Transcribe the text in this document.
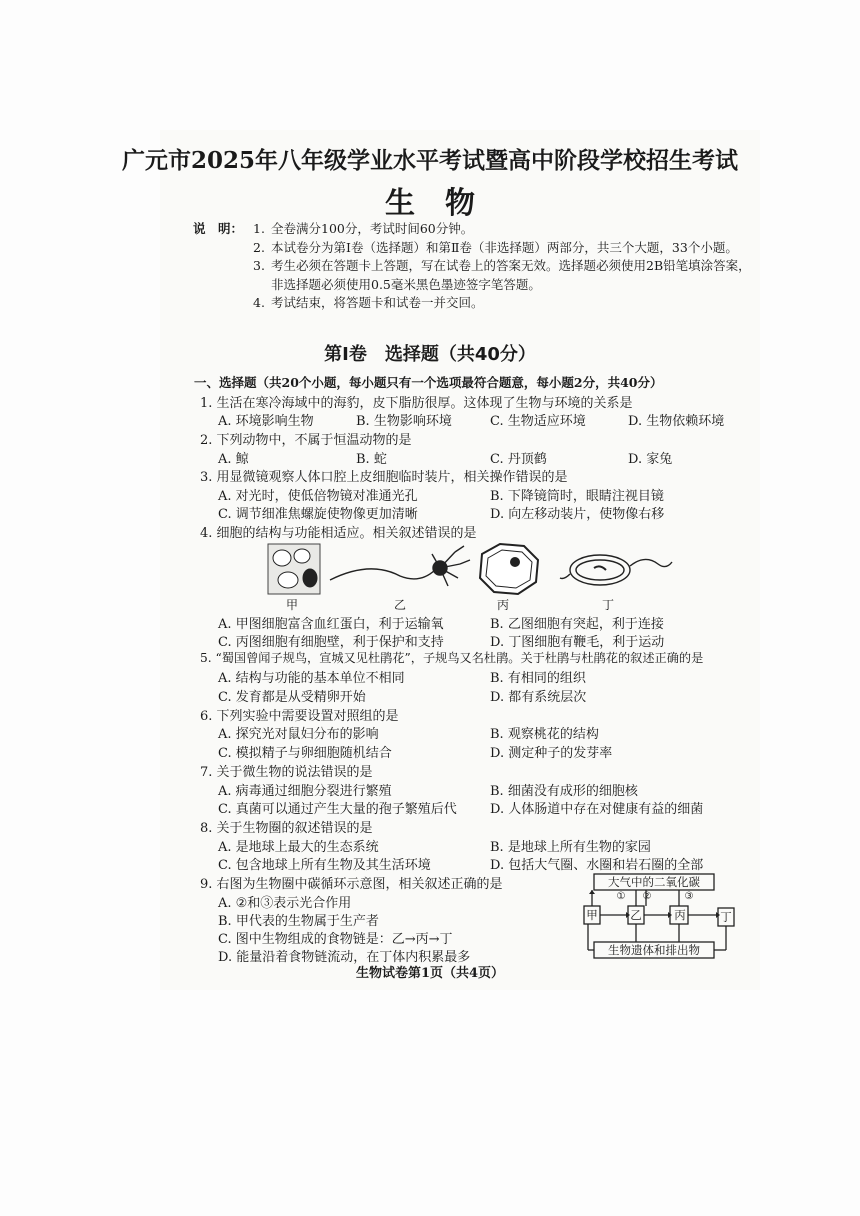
广元市2025年八年级学业水平考试暨高中阶段学校招生考试
生　物
说　明： 1. 全卷满分100分，考试时间60分钟。
2. 本试卷分为第Ⅰ卷（选择题）和第Ⅱ卷（非选择题）两部分，共三个大题，33个小题。
3. 考生必须在答题卡上答题，写在试卷上的答案无效。选择题必须使用2B铅笔填涂答案，非选择题必须使用0.5毫米黑色墨迹签字笔答题。
4. 考试结束，将答题卡和试卷一并交回。
第Ⅰ卷　选择题（共40分）
一、选择题（共20个小题，每小题只有一个选项最符合题意，每小题2分，共40分）
1. 生活在寒冷海域中的海豹，皮下脂肪很厚。这体现了生物与环境的关系是
A. 环境影响生物	B. 生物影响环境	C. 生物适应环境	D. 生物依赖环境
2. 下列动物中，不属于恒温动物的是
A. 鲸	B. 蛇	C. 丹顶鹤	D. 家兔
3. 用显微镜观察人体口腔上皮细胞临时装片，相关操作错误的是
A. 对光时，使低倍物镜对准通光孔	B. 下降镜筒时，眼睛注视目镜
C. 调节细准焦螺旋使物像更加清晰	D. 向左移动装片，使物像右移
4. 细胞的结构与功能相适应。相关叙述错误的是
甲	乙	丙	丁
A. 甲图细胞富含血红蛋白，利于运输氧	B. 乙图细胞有突起，利于连接
C. 丙图细胞有细胞壁，利于保护和支持	D. 丁图细胞有鞭毛，利于运动
5. “蜀国曾闻子规鸟，宣城又见杜鹃花”，子规鸟又名杜鹃。关于杜鹃与杜鹃花的叙述正确的是
A. 结构与功能的基本单位不相同	B. 有相同的组织
C. 发育都是从受精卵开始	D. 都有系统层次
6. 下列实验中需要设置对照组的是
A. 探究光对鼠妇分布的影响	B. 观察桃花的结构
C. 模拟精子与卵细胞随机结合	D. 测定种子的发芽率
7. 关于微生物的说法错误的是
A. 病毒通过细胞分裂进行繁殖	B. 细菌没有成形的细胞核
C. 真菌可以通过产生大量的孢子繁殖后代	D. 人体肠道中存在对健康有益的细菌
8. 关于生物圈的叙述错误的是
A. 是地球上最大的生态系统	B. 是地球上所有生物的家园
C. 包含地球上所有生物及其生活环境	D. 包括大气圈、水圈和岩石圈的全部
9. 右图为生物圈中碳循环示意图，相关叙述正确的是
A. ②和③表示光合作用
B. 甲代表的生物属于生产者
C. 图中生物组成的食物链是：乙→丙→丁
D. 能量沿着食物链流动，在丁体内积累最多
大气中的二氧化碳
生物遗体和排出物
甲	乙	丙	丁
① ②	③
生物试卷第1页（共4页）
